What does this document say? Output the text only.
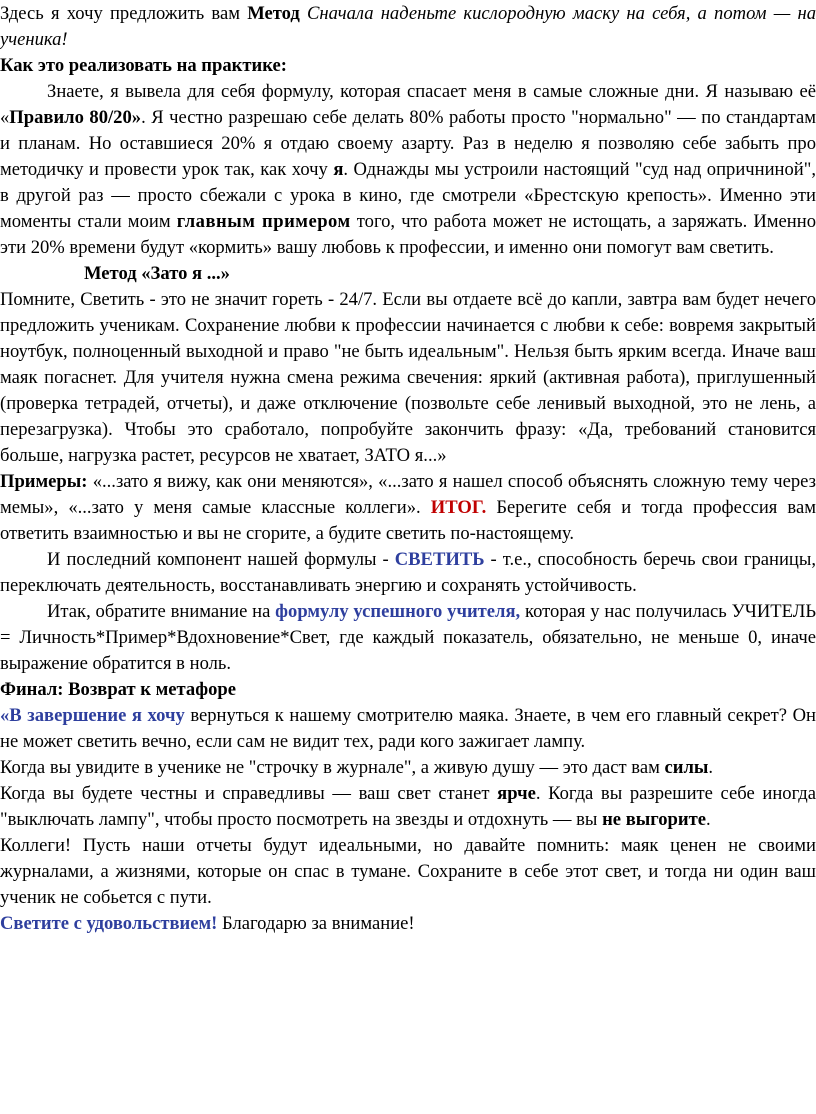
Здесь я хочу предложить вам Метод Сначала наденьте кислородную маску на себя, а потом — на ученика!

Как это реализовать на практике:

Знаете, я вывела для себя формулу, которая спасает меня в самые сложные дни. Я называю её «Правило 80/20». Я честно разрешаю себе делать 80% работы просто "нормально" — по стандартам и планам. Но оставшиеся 20% я отдаю своему азарту. Раз в неделю я позволяю себе забыть про методичку и провести урок так, как хочу я. Однажды мы устроили настоящий "суд над опричниной", в другой раз — просто сбежали с урока в кино, где смотрели «Брестскую крепость». Именно эти моменты стали моим главным примером того, что работа может не истощать, а заряжать. Именно эти 20% времени будут «кормить» вашу любовь к профессии, и именно они помогут вам светить.

Метод «Зато я ...»

Помните, Светить - это не значит гореть - 24/7. Если вы отдаете всё до капли, завтра вам будет нечего предложить ученикам. Сохранение любви к профессии начинается с любви к себе: вовремя закрытый ноутбук, полноценный выходной и право "не быть идеальным". Нельзя быть ярким всегда. Иначе ваш маяк погаснет. Для учителя нужна смена режима свечения: яркий (активная работа), приглушенный (проверка тетрадей, отчеты), и даже отключение (позвольте себе ленивый выходной, это не лень, а перезагрузка). Чтобы это сработало, попробуйте закончить фразу: «Да, требований становится больше, нагрузка растет, ресурсов не хватает, ЗАТО я...»

Примеры: «...зато я вижу, как они меняются», «...зато я нашел способ объяснять сложную тему через мемы», «...зато у меня самые классные коллеги». ИТОГ. Берегите себя и тогда профессия вам ответить взаимностью и вы не сгорите, а будите светить по-настоящему.

И последний компонент нашей формулы - СВЕТИТЬ - т.е., способность беречь свои границы, переключать деятельность, восстанавливать энергию и сохранять устойчивость.

Итак, обратите внимание на формулу успешного учителя, которая у нас получилась УЧИТЕЛЬ = Личность*Пример*Вдохновение*Свет, где каждый показатель, обязательно, не меньше 0, иначе выражение обратится в ноль.

Финал: Возврат к метафоре

«В завершение я хочу вернуться к нашему смотрителю маяка. Знаете, в чем его главный секрет? Он не может светить вечно, если сам не видит тех, ради кого зажигает лампу.

Когда вы увидите в ученике не "строчку в журнале", а живую душу — это даст вам силы.

Когда вы будете честны и справедливы — ваш свет станет ярче. Когда вы разрешите себе иногда "выключать лампу", чтобы просто посмотреть на звезды и отдохнуть — вы не выгорите.

Коллеги! Пусть наши отчеты будут идеальными, но давайте помнить: маяк ценен не своими журналами, а жизнями, которые он спас в тумане. Сохраните в себе этот свет, и тогда ни один ваш ученик не собьется с пути.

Светите с удовольствием! Благодарю за внимание!
